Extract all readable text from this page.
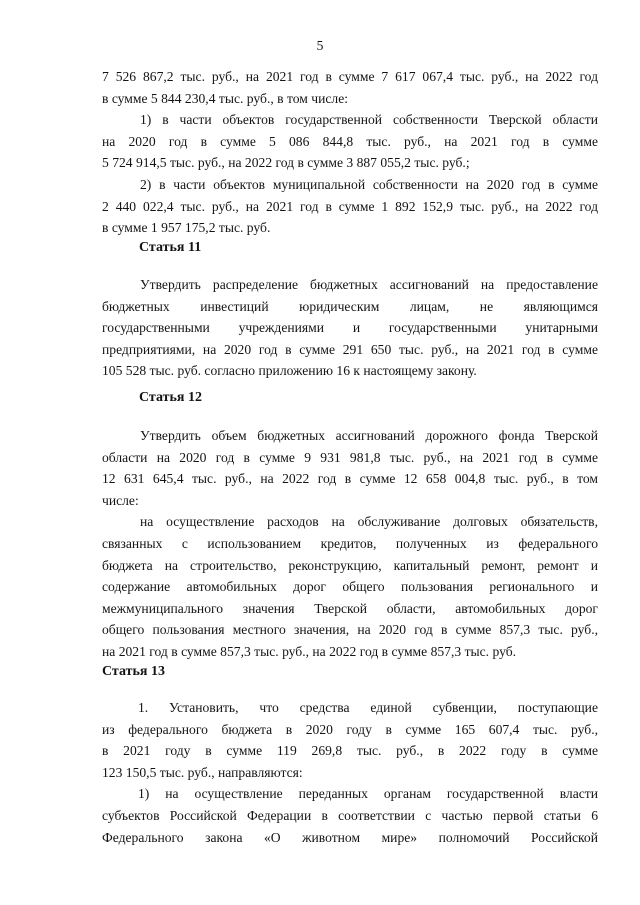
5
7 526 867,2 тыс. руб., на 2021 год в сумме 7 617 067,4 тыс. руб., на 2022 год
в сумме 5 844 230,4 тыс. руб., в том числе:
1) в части объектов государственной собственности Тверской области
на 2020 год в сумме 5 086 844,8 тыс. руб., на 2021 год в сумме
5 724 914,5 тыс. руб., на 2022 год в сумме 3 887 055,2 тыс. руб.;
2) в части объектов муниципальной собственности на 2020 год в сумме
2 440 022,4 тыс. руб., на 2021 год в сумме 1 892 152,9 тыс. руб., на 2022 год
в сумме 1 957 175,2 тыс. руб.
Статья 11
Утвердить распределение бюджетных ассигнований на предоставление
бюджетных инвестиций юридическим лицам, не являющимся
государственными учреждениями и государственными унитарными
предприятиями, на 2020 год в сумме 291 650 тыс. руб., на 2021 год в сумме
105 528 тыс. руб. согласно приложению 16 к настоящему закону.
Статья 12
Утвердить объем бюджетных ассигнований дорожного фонда Тверской
области на 2020 год в сумме 9 931 981,8 тыс. руб., на 2021 год в сумме
12 631 645,4 тыс. руб., на 2022 год в сумме 12 658 004,8 тыс. руб., в том
числе:
на осуществление расходов на обслуживание долговых обязательств,
связанных с использованием кредитов, полученных из федерального
бюджета на строительство, реконструкцию, капитальный ремонт, ремонт и
содержание автомобильных дорог общего пользования регионального и
межмуниципального значения Тверской области, автомобильных дорог
общего пользования местного значения, на 2020 год в сумме 857,3 тыс. руб.,
на 2021 год в сумме 857,3 тыс. руб., на 2022 год в сумме 857,3 тыс. руб.
Статья 13
1. Установить, что средства единой субвенции, поступающие
из федерального бюджета в 2020 году в сумме 165 607,4 тыс. руб.,
в 2021 году в сумме 119 269,8 тыс. руб., в 2022 году в сумме
123 150,5 тыс. руб., направляются:
1) на осуществление переданных органам государственной власти
субъектов Российской Федерации в соответствии с частью первой статьи 6
Федерального закона «О животном мире» полномочий Российской
